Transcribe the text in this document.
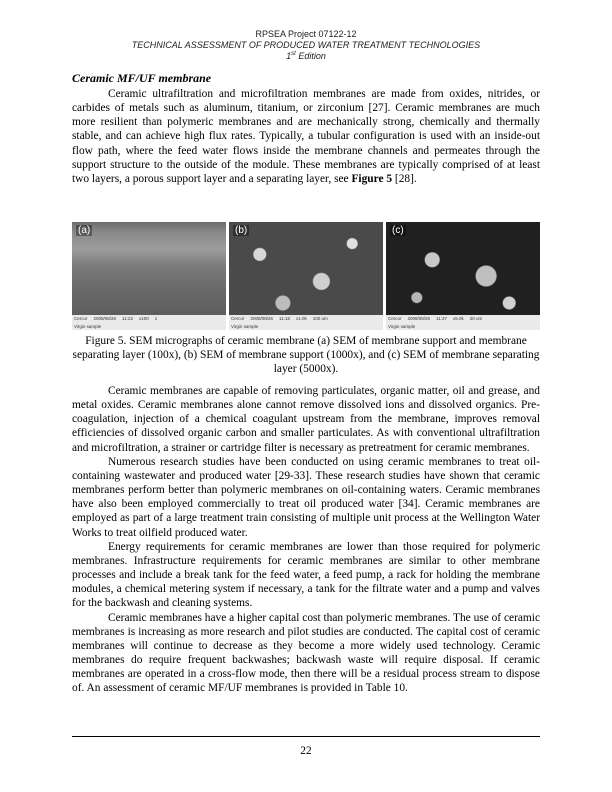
RPSEA Project 07122-12
TECHNICAL ASSESSMENT OF PRODUCED WATER TREATMENT TECHNOLOGIES
1st Edition
Ceramic MF/UF membrane

Ceramic ultrafiltration and microfiltration membranes are made from oxides, nitrides, or carbides of metals such as aluminum, titanium, or zirconium [27]. Ceramic membranes are much more resilient than polymeric membranes and are mechanically strong, chemically and thermally stable, and can achieve high flux rates. Typically, a tubular configuration is used with an inside-out flow path, where the feed water flows inside the membrane channels and permeates through the support structure to the outside of the module. These membranes are typically comprised of at least two layers, a porous support layer and a separating layer, see Figure 5 [28].

(a)
Cercor 2008/08/26 11:22 x100 1
Virgin sample
(b)
Cercor 2008/08/26 11:16 x1.0k 100 um
Virgin sample
(c)
Cercor 2008/08/26 11:27 x5.0k 20 um
Virgin sample
Figure 5. SEM micrographs of ceramic membrane (a) SEM of membrane support and membrane separating layer (100x), (b) SEM of membrane support (1000x), and (c) SEM of membrane separating layer (5000x).

Ceramic membranes are capable of removing particulates, organic matter, oil and grease, and metal oxides. Ceramic membranes alone cannot remove dissolved ions and dissolved organics. Pre-coagulation, injection of a chemical coagulant upstream from the membrane, improves removal efficiencies of dissolved organic carbon and smaller particulates. As with conventional ultrafiltration and microfiltration, a strainer or cartridge filter is necessary as pretreatment for ceramic membranes.

Numerous research studies have been conducted on using ceramic membranes to treat oil-containing wastewater and produced water [29-33]. These research studies have shown that ceramic membranes perform better than polymeric membranes on oil-containing waters. Ceramic membranes have also been employed commercially to treat oil produced water [34]. Ceramic membranes are employed as part of a large treatment train consisting of multiple unit process at the Wellington Water Works to treat oilfield produced water.

Energy requirements for ceramic membranes are lower than those required for polymeric membranes. Infrastructure requirements for ceramic membranes are similar to other membrane processes and include a break tank for the feed water, a feed pump, a rack for holding the membrane modules, a chemical metering system if necessary, a tank for the filtrate water and a pump and valves for the backwash and cleaning systems.

Ceramic membranes have a higher capital cost than polymeric membranes. The use of ceramic membranes is increasing as more research and pilot studies are conducted. The capital cost of ceramic membranes will continue to decrease as they become a more widely used technology. Ceramic membranes do require frequent backwashes; backwash waste will require disposal. If ceramic membranes are operated in a cross-flow mode, then there will be a residual process stream to dispose of. An assessment of ceramic MF/UF membranes is provided in Table 10.

22
